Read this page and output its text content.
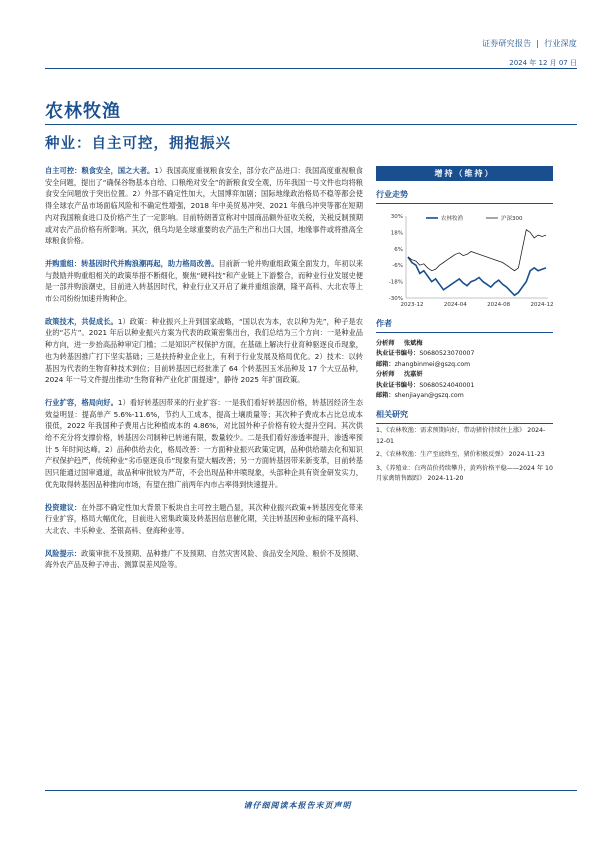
证券研究报告 | 行业深度
2024 年 12 月 07 日
农林牧渔
种业：自主可控，拥抱振兴
自主可控：粮食安全，国之大者。1）我国高度重视粮食安全，部分农产品进口：我国高度重视粮食安全问题，提出了“确保谷物基本自给、口粮绝对安全”的新粮食安全观，历年我国一号文件也均将粮食安全问题放于突出位置。2）外部不确定性加大，大国博弈加剧；国际地缘政治格局不稳等都会使得全球农产品市场面临风险和不确定性增强，2018 年中美贸易冲突、2021 年俄乌冲突等都在短期内对我国粮食进口及价格产生了一定影响。目前特朗普宣称对中国商品额外征收关税，关税反制预期或对农产品价格有所影响。其次，俄乌均是全球重要的农产品生产和出口大国，地缘事件或将推高全球粮食价格。
并购重组：转基因时代并购浪潮再起，助力格局改善。目前新一轮并购重组政策全面发力，年初以来与鼓励并购重组相关的政策举措不断细化，聚焦“硬科技”和产业链上下游整合，而种业行业发展史便是一部并购浪潮史，目前进入转基因时代，种业行业又开启了兼并重组浪潮，隆平高科、大北农等上市公司纷纷加速并购种企。
政策技术，共促成长。1）政策：种业振兴上升到国家战略，“国以农为本，农以种为先”，种子是农业的“芯片”。2021 年后以种业振兴方案为代表的政策密集出台，我们总结为三个方向：一是种业品种方向，进一步抬高品种审定门槛；二是知识产权保护方面，在基础上解决行业育种驱逐良币现象，也为转基因推广打下坚实基础；三是扶持种业企业上，有利于行业发展及格局优化。2）技术：以转基因为代表的生物育种技术到位；目前转基因已经批准了 64 个转基因玉米品种及 17 个大豆品种，2024 年一号文件提出推动“生物育种产业化扩面提速”，静待 2025 年扩面政策。
行业扩容，格局向好。1）看好转基因带来的行业扩容：一是我们看好转基因价格，转基因经济生态效益明显：提高单产 5.6%-11.6%，节约人工成本，提高土壤质量等；其次种子费成本占比总成本很低，2022 年我国种子费用占比种植成本的 4.86%，对比国外种子价格有较大提升空间。其次供给不充分将支撑价格，转基因公司制种已转递有限，数量较少。二是我们看好渗透率提升，渗透率预计 5 年时间达峰。2）品种供给去化，格局改善：一方面种业振兴政策定调，品种供给端去化和知识产权保护趋严，传统种业“劣币驱逐良币”现象有望大幅改善；另一方面转基因带来新变革，目前转基因只能通过国审通道，故品种审批较为严苛，不会出现品种井喷现象，头部种企具有资金研发实力，优先取得转基因品种推向市场，有望在推广前两年内市占率得到快速提升。
投资建议：在外部不确定性加大背景下板块自主可控主题凸显，其次种业振兴政策+转基因变化带来行业扩容，格局大幅优化，目前进入密集政策及转基因信息催化期，关注转基因种业标的隆平高科、大北农、丰乐种业、荃银高科、登海种业等。
风险提示：政策审批不及预期、品种推广不及预期、自然灾害风险、食品安全风险、粮价不及预期、海外农产品及种子冲击、测算误差风险等。
增持（维持）
行业走势
30%
18%
6%
-6%
-18%
-30%
2023-12	2024-04	2024-08	2024-12
农林牧渔	沪深300
作者
分析师 张斌梅
执业证书编号：S0680523070007
邮箱：zhangbinmei@gszq.com
分析师 沈嘉妍
执业证书编号：S0680524040001
邮箱：shenjiayan@gszq.com
相关研究
1、《农林牧渔：需求预期向好，带动猪价持续往上涨》 2024-12-01
2、《农林牧渔：生产至底终至，猪价积极反弹》 2024-11-23
3、《养殖业：白鸡苗价持续攀升，黄鸡价格平稳——2024 年 10 月家禽销售跟踪》 2024-11-20
请仔细阅读本报告末页声明
